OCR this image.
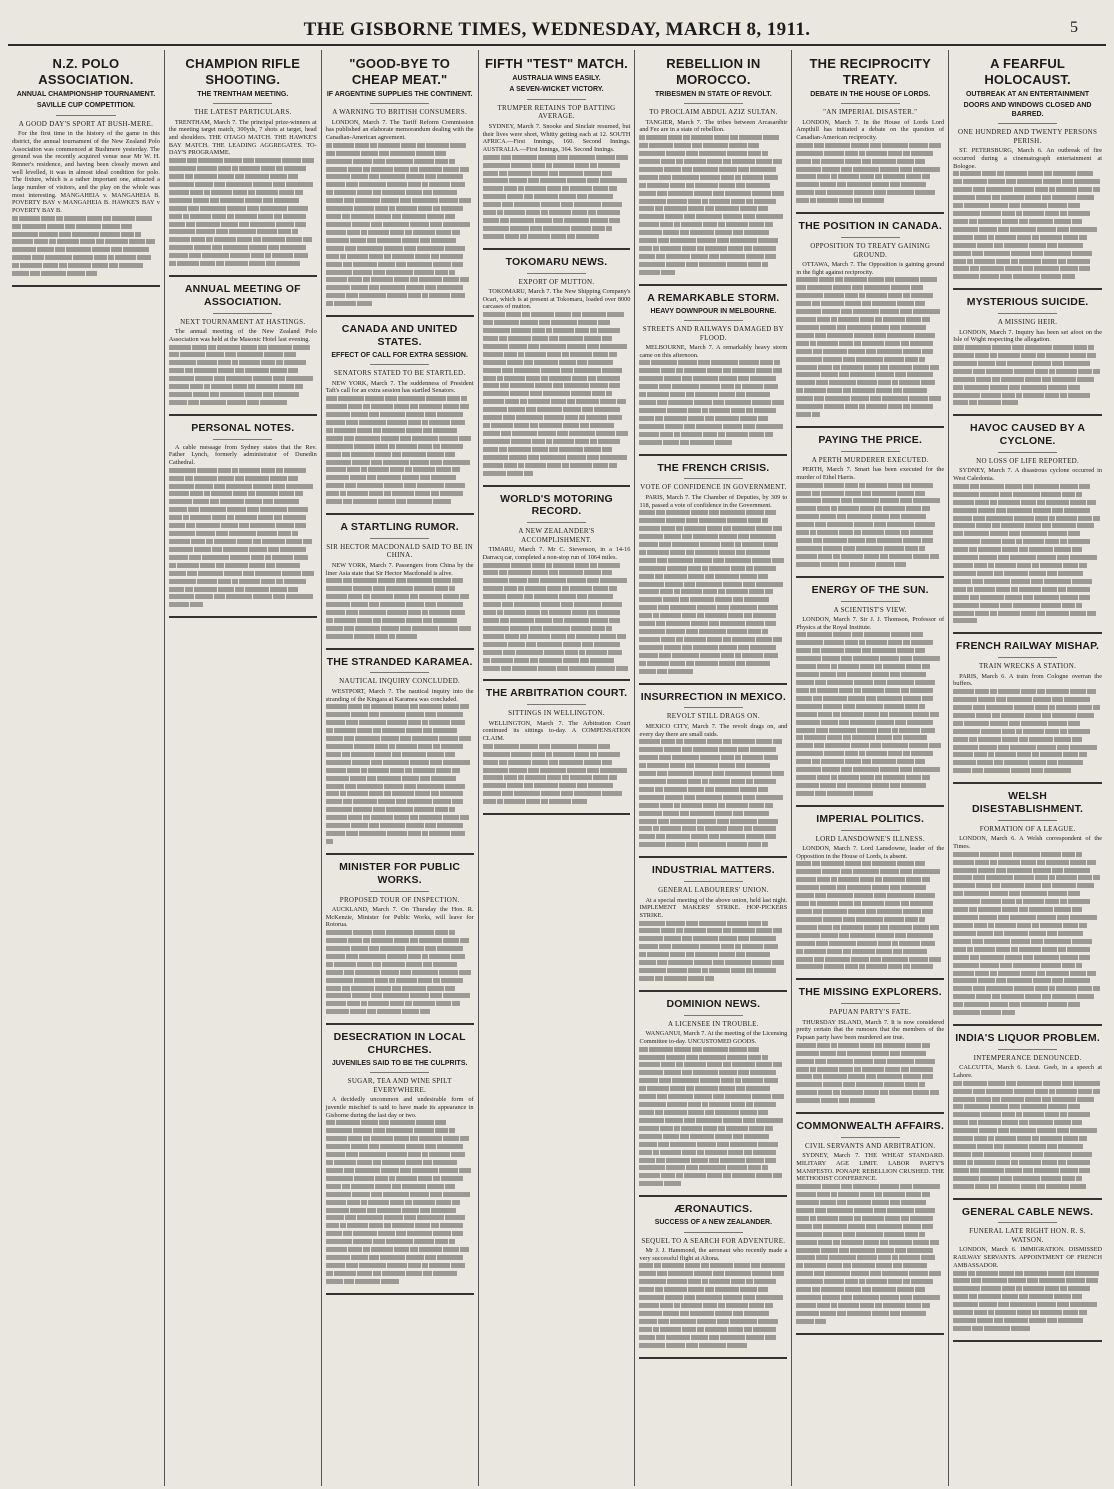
THE GISBORNE TIMES, WEDNESDAY, MARCH 8, 1911.	5
N.Z. POLO ASSOCIATION.
ANNUAL CHAMPIONSHIP TOURNAMENT.
SAVILLE CUP COMPETITION.
A GOOD DAY'S SPORT AT BUSH-MERE.

For the first time in the history of the game in this district, the annual tournament of the New Zealand Polo Association was commenced at Bushmere yesterday. The ground was the recently acquired venue near Mr W. H. Renner's residence, and having been closely mown and well levelled, it was in almost ideal condition for polo. The fixture, which is a rather important one, attracted a large number of visitors, and the play on the whole was most interesting. MANGAHEIA v. MANGAHEIA B. POVERTY BAY v MANGAHEIA B. HAWKE'S BAY v POVERTY BAY B.

CHAMPION RIFLE SHOOTING.
THE TRENTHAM MEETING.
THE LATEST PARTICULARS.

TRENTHAM, March 7. The principal prize-winners at the meeting target match, 300yds, 7 shots at target, head and shoulders. THE OTAGO MATCH. THE HAWKE'S BAY MATCH. THE LEADING AGGREGATES. TO-DAY'S PROGRAMME.

ANNUAL MEETING OF ASSOCIATION.
NEXT TOURNAMENT AT HASTINGS.

The annual meeting of the New Zealand Polo Association was held at the Masonic Hotel last evening.

PERSONAL NOTES.

A cable message from Sydney states that the Rev. Father Lynch, formerly administrator of Dunedin Cathedral.

"GOOD-BYE TO CHEAP MEAT."
IF ARGENTINE SUPPLIES THE CONTINENT.
A WARNING TO BRITISH CONSUMERS.

LONDON, March 7. The Tariff Reform Commission has published an elaborate memorandum dealing with the Canadian-American agreement.

CANADA AND UNITED STATES.
EFFECT OF CALL FOR EXTRA SESSION.
SENATORS STATED TO BE STARTLED.

NEW YORK, March 7. The suddenness of President Taft's call for an extra session has startled Senators.

A STARTLING RUMOR.
SIR HECTOR MACDONALD SAID TO BE IN CHINA.

NEW YORK, March 7. Passengers from China by the liner Asia state that Sir Hector Macdonald is alive.

THE STRANDED KARAMEA.
NAUTICAL INQUIRY CONCLUDED.

WESTPORT, March 7. The nautical inquiry into the stranding of the Kingara at Karamea was concluded.

MINISTER FOR PUBLIC WORKS.
PROPOSED TOUR OF INSPECTION.

AUCKLAND, March 7. On Thursday the Hon. R. McKenzie, Minister for Public Works, will leave for Rotorua.

DESECRATION IN LOCAL CHURCHES.
JUVENILES SAID TO BE THE CULPRITS.
SUGAR, TEA AND WINE SPILT EVERYWHERE.

A decidedly uncommon and undesirable form of juvenile mischief is said to have made its appearance in Gisborne during the last day or two.

FIFTH "TEST" MATCH.
AUSTRALIA WINS EASILY.
A SEVEN-WICKET VICTORY.
TRUMPER RETAINS TOP BATTING AVERAGE.

SYDNEY, March 7. Snooke and Sinclair resumed, but their lives were short, Whitty getting each at 12. SOUTH AFRICA.—First Innings, 160. Second Innings. AUSTRALIA.—First Innings, 364. Second Innings.

TOKOMARU NEWS.
EXPORT OF MUTTON.

TOKOMARU, March 7. The New Shipping Company's Ocari, which is at present at Tokomaru, loaded over 8000 carcases of mutton.

WORLD'S MOTORING RECORD.
A NEW ZEALANDER'S ACCOMPLISHMENT.

TIMARU, March 7. Mr C. Stevenson, in a 14-16 Darracq car, completed a non-stop run of 1064 miles.

THE ARBITRATION COURT.
SITTINGS IN WELLINGTON.

WELLINGTON, March 7. The Arbitration Court continued its sittings to-day. A COMPENSATION CLAIM.

REBELLION IN MOROCCO.
TRIBESMEN IN STATE OF REVOLT.
TO PROCLAIM ABDUL AZIZ SULTAN.

TANGIER, March 7. The tribes between Arcasaréhir and Fez are in a state of rebellion.

A REMARKABLE STORM.
HEAVY DOWNPOUR IN MELBOURNE.
STREETS AND RAILWAYS DAMAGED BY FLOOD.

MELBOURNE, March 7. A remarkably heavy storm came on this afternoon.

THE FRENCH CRISIS.
VOTE OF CONFIDENCE IN GOVERNMENT.

PARIS, March 7. The Chamber of Deputies, by 309 to 118, passed a vote of confidence in the Government.

INSURRECTION IN MEXICO.
REVOLT STILL DRAGS ON.

MEXICO CITY, March 7. The revolt drags on, and every day there are small raids.

INDUSTRIAL MATTERS.
GENERAL LABOURERS' UNION.

At a special meeting of the above union, held last night. IMPLEMENT MAKERS' STRIKE. HOP-PICKERS STRIKE.

DOMINION NEWS.
A LICENSEE IN TROUBLE.

WANGANUI, March 7. At the meeting of the Licensing Committee to-day. UNCUSTOMED GOODS.

ÆRONAUTICS.
SUCCESS OF A NEW ZEALANDER.
SEQUEL TO A SEARCH FOR ADVENTURE.

Mr J. J. Hammond, the aeronaut who recently made a very successful flight at Altona.

THE RECIPROCITY TREATY.
DEBATE IN THE HOUSE OF LORDS.
"AN IMPERIAL DISASTER."

LONDON, March 7. In the House of Lords Lord Ampthill has initiated a debate on the question of Canadian-American reciprocity.

THE POSITION IN CANADA.
OPPOSITION TO TREATY GAINING GROUND.

OTTAWA, March 7. The Opposition is gaining ground in the fight against reciprocity.

PAYING THE PRICE.
A PERTH MURDERER EXECUTED.

PERTH, March 7. Smart has been executed for the murder of Ethel Harris.

ENERGY OF THE SUN.
A SCIENTIST'S VIEW.

LONDON, March 7. Sir J. J. Thomson, Professor of Physics at the Royal Institute.

IMPERIAL POLITICS.
LORD LANSDOWNE'S ILLNESS.

LONDON, March 7. Lord Lansdowne, leader of the Opposition in the House of Lords, is absent.

THE MISSING EXPLORERS.
PAPUAN PARTY'S FATE.

THURSDAY ISLAND, March 7. It is now considered pretty certain that the rumours that the members of the Papuan party have been murdered are true.

COMMONWEALTH AFFAIRS.
CIVIL SERVANTS AND ARBITRATION.

SYDNEY, March 7. THE WHEAT STANDARD. MILITARY AGE LIMIT. LABOR PARTY'S MANIFESTO. PONAPE REBELLION CRUSHED. THE METHODIST CONFERENCE.

A FEARFUL HOLOCAUST.
OUTBREAK AT AN ENTERTAINMENT
DOORS AND WINDOWS CLOSED AND BARRED.
ONE HUNDRED AND TWENTY PERSONS PERISH.

ST. PETERSBURG, March 6. An outbreak of fire occurred during a cinematograph entertainment at Bologoe.

MYSTERIOUS SUICIDE.
A MISSING HEIR.

LONDON, March 7. Inquiry has been set afoot on the Isle of Wight respecting the allegation.

HAVOC CAUSED BY A CYCLONE.
NO LOSS OF LIFE REPORTED.

SYDNEY, March 7. A disastrous cyclone occurred in West Caledonia.

FRENCH RAILWAY MISHAP.
TRAIN WRECKS A STATION.

PARIS, March 6. A train from Cologne overran the buffers.

WELSH DISESTABLISHMENT.
FORMATION OF A LEAGUE.

LONDON, March 6. A Welsh correspondent of the Times.

INDIA'S LIQUOR PROBLEM.
INTEMPERANCE DENOUNCED.

CALCUTTA, March 6. Lieut. Geeb, in a speech at Lahore.

GENERAL CABLE NEWS.
FUNERAL LATE RIGHT HON. R. S. WATSON.

LONDON, March 6. IMMIGRATION. DISMISSED RAILWAY SERVANTS. APPOINTMENT OF FRENCH AMBASSADOR.
